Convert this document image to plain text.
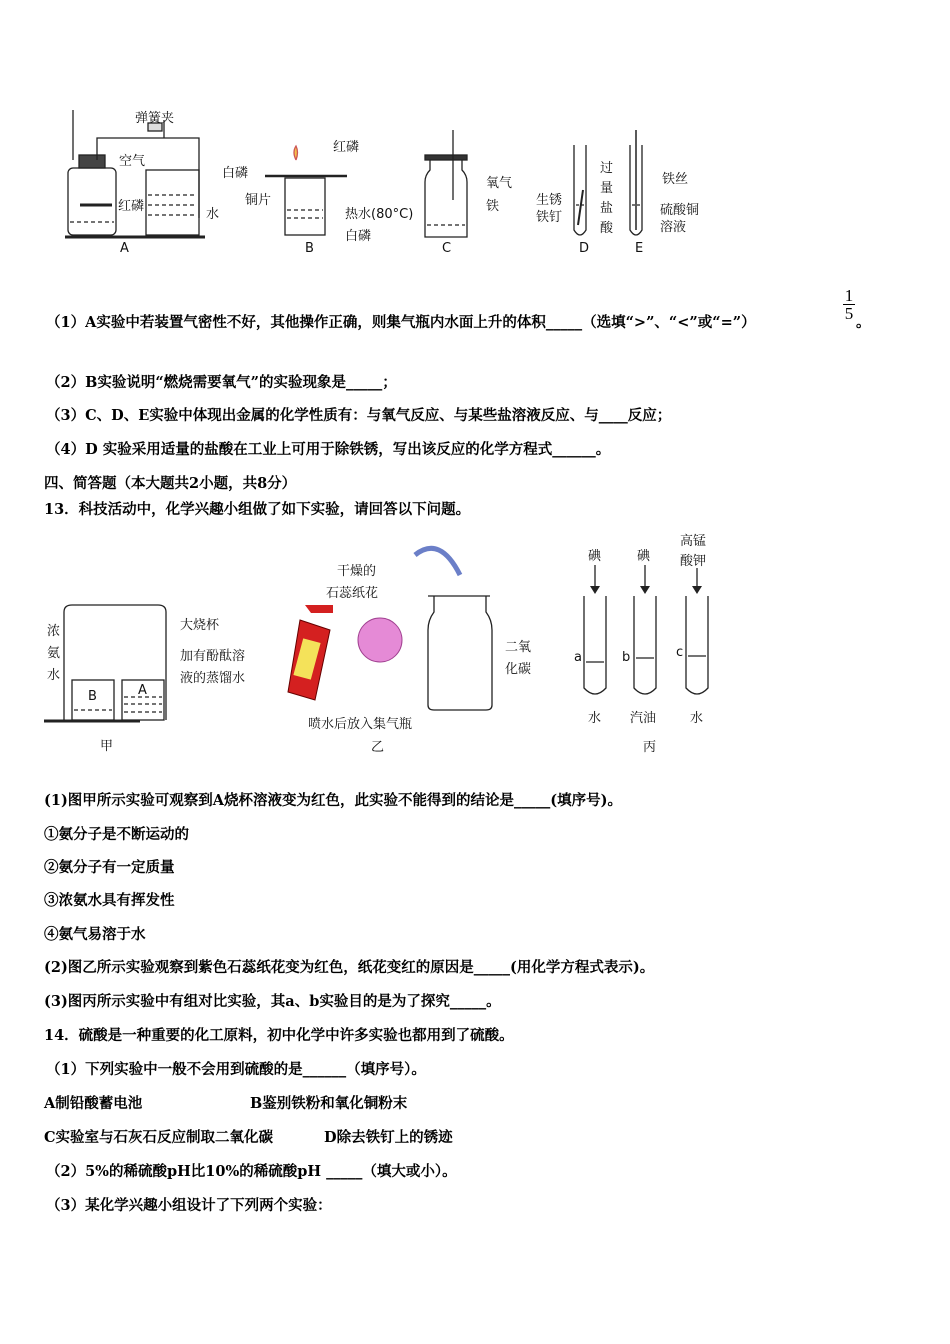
弹簧夹
空气
红磷
水
A
白磷
红磷
铜片
热水(80°C)
白磷
B
氧气
铁
C
生锈
铁钉
过
量
盐
酸
D
铁丝
硫酸铜
溶液
E
（1）A实验中若装置气密性不好，其他操作正确，则集气瓶内水面上升的体积_____（选填“>”、“<”或“=”）
1
5 。
（2）B实验说明“燃烧需要氧气”的实验现象是_____；
（3）C、D、E实验中体现出金属的化学性质有：与氧气反应、与某些盐溶液反应、与____反应；
（4）D 实验采用适量的盐酸在工业上可用于除铁锈，写出该反应的化学方程式______。
四、简答题（本大题共2小题，共8分）
13．科技活动中，化学兴趣小组做了如下实验，请回答以下问题。
浓
氨
水
大烧杯
加有酚酞溶
液的蒸馏水
B	A
甲
干燥的
石蕊纸花
二氧
化碳
喷水后放入集气瓶
乙
碘	碘
高锰
酸钾
a	b	c
水 汽油	水
丙
(1)图甲所示实验可观察到A烧杯溶液变为红色，此实验不能得到的结论是_____(填序号)。
①氨分子是不断运动的
②氨分子有一定质量
③浓氨水具有挥发性
④氨气易溶于水
(2)图乙所示实验观察到紫色石蕊纸花变为红色，纸花变红的原因是_____(用化学方程式表示)。
(3)图丙所示实验中有组对比实验，其a、b实验目的是为了探究_____。
14．硫酸是一种重要的化工原料，初中化学中许多实验也都用到了硫酸。
（1）下列实验中一般不会用到硫酸的是______（填序号）。
A制铅酸蓄电池	B鉴别铁粉和氧化铜粉末
C实验室与石灰石反应制取二氧化碳	D除去铁钉上的锈迹
（2）5%的稀硫酸pH比10%的稀硫酸pH _____（填大或小）。
（3）某化学兴趣小组设计了下列两个实验：
